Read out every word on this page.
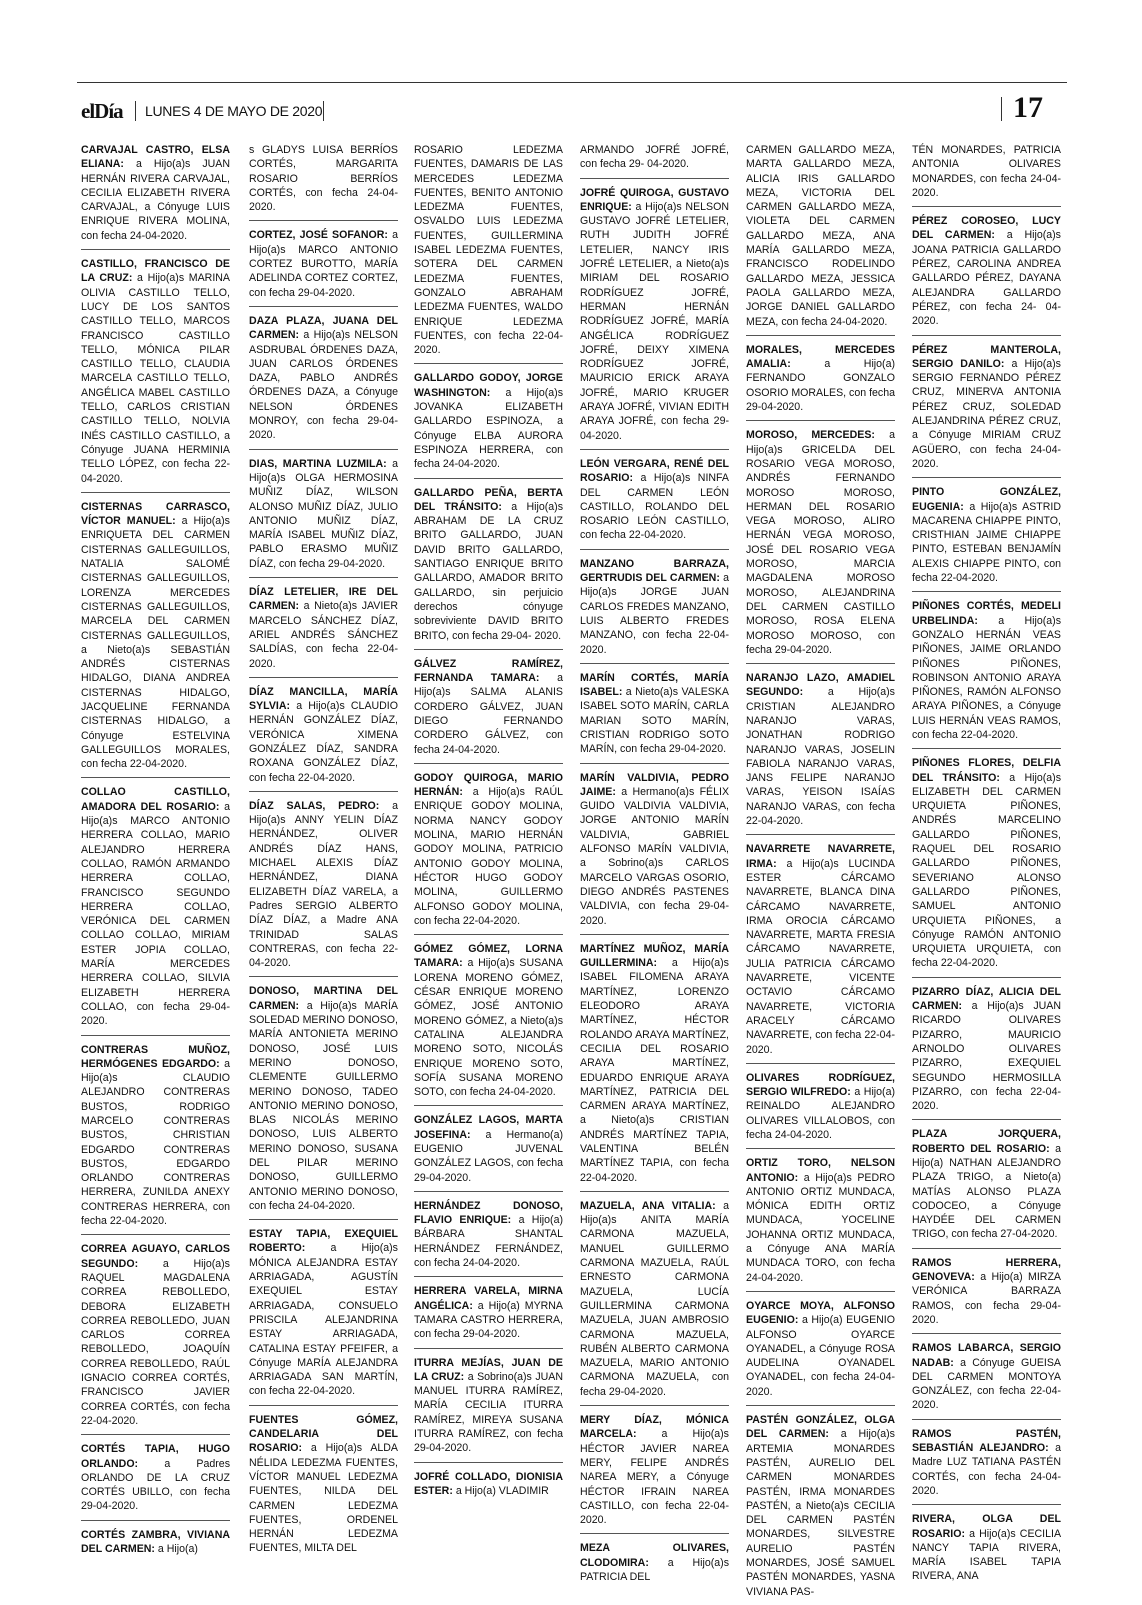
elDía LUNES 4 DE MAYO DE 2020	17
CARVAJAL CASTRO, ELSA ELIANA: a Hijo(a)s JUAN HERNÁN RIVERA CARVAJAL, CECILIA ELIZABETH RIVERA CARVAJAL, a Cónyuge LUIS ENRIQUE RIVERA MOLINA, con fecha 24-04-2020.
CASTILLO, FRANCISCO DE LA CRUZ: a Hijo(a)s MARINA OLIVIA CASTILLO TELLO, LUCY DE LOS SANTOS CASTILLO TELLO, MARCOS FRANCISCO CASTILLO TELLO, MÓNICA PILAR CASTILLO TELLO, CLAUDIA MARCELA CASTILLO TELLO, ANGÉLICA MABEL CASTILLO TELLO, CARLOS CRISTIAN CASTILLO TELLO, NOLVIA INÉS CASTILLO CASTILLO, a Cónyuge JUANA HERMINIA TELLO LÓPEZ, con fecha 22-04-2020.
CISTERNAS CARRASCO, VÍCTOR MANUEL: a Hijo(a)s ENRIQUETA DEL CARMEN CISTERNAS GALLEGUILLOS, NATALIA SALOMÉ CISTERNAS GALLEGUILLOS, LORENZA MERCEDES CISTERNAS GALLEGUILLOS, MARCELA DEL CARMEN CISTERNAS GALLEGUILLOS, a Nieto(a)s SEBASTIÁN ANDRÉS CISTERNAS HIDALGO, DIANA ANDREA CISTERNAS HIDALGO, JACQUELINE FERNANDA CISTERNAS HIDALGO, a Cónyuge ESTELVINA GALLEGUILLOS MORALES, con fecha 22-04-2020.
COLLAO CASTILLO, AMADORA DEL ROSARIO: a Hijo(a)s MARCO ANTONIO HERRERA COLLAO, MARIO ALEJANDRO HERRERA COLLAO, RAMÓN ARMANDO HERRERA COLLAO, FRANCISCO SEGUNDO HERRERA COLLAO, VERÓNICA DEL CARMEN COLLAO COLLAO, MIRIAM ESTER JOPIA COLLAO, MARÍA MERCEDES HERRERA COLLAO, SILVIA ELIZABETH HERRERA COLLAO, con fecha 29-04-2020.
CONTRERAS MUÑOZ, HERMÓGENES EDGARDO: a Hijo(a)s CLAUDIO ALEJANDRO CONTRERAS BUSTOS, RODRIGO MARCELO CONTRERAS BUSTOS, CHRISTIAN EDGARDO CONTRERAS BUSTOS, EDGARDO ORLANDO CONTRERAS HERRERA, ZUNILDA ANEXY CONTRERAS HERRERA, con fecha 22-04-2020.
CORREA AGUAYO, CARLOS SEGUNDO: a Hijo(a)s RAQUEL MAGDALENA CORREA REBOLLEDO, DEBORA ELIZABETH CORREA REBOLLEDO, JUAN CARLOS CORREA REBOLLEDO, JOAQUÍN CORREA REBOLLEDO, RAÚL IGNACIO CORREA CORTÉS, FRANCISCO JAVIER CORREA CORTÉS, con fecha 22-04-2020.
CORTÉS TAPIA, HUGO ORLANDO: a Padres ORLANDO DE LA CRUZ CORTÉS UBILLO, con fecha 29-04-2020.
CORTÉS ZAMBRA, VIVIANA DEL CARMEN: a Hijo(a)
s GLADYS LUISA BERRÍOS CORTÉS, MARGARITA ROSARIO BERRÍOS CORTÉS, con fecha 24-04-2020.
CORTEZ, JOSÉ SOFANOR: a Hijo(a)s MARCO ANTONIO CORTEZ BUROTTO, MARÍA ADELINDA CORTEZ CORTEZ, con fecha 29-04-2020.
DAZA PLAZA, JUANA DEL CARMEN: a Hijo(a)s NELSON ASDRUBAL ÓRDENES DAZA, JUAN CARLOS ÓRDENES DAZA, PABLO ANDRÉS ÓRDENES DAZA, a Cónyuge NELSON ÓRDENES MONROY, con fecha 29-04-2020.
DIAS, MARTINA LUZMILA: a Hijo(a)s OLGA HERMOSINA MUÑIZ DÍAZ, WILSON ALONSO MUÑIZ DÍAZ, JULIO ANTONIO MUÑIZ DÍAZ, MARÍA ISABEL MUÑIZ DÍAZ, PABLO ERASMO MUÑIZ DÍAZ, con fecha 29-04-2020.
DÍAZ LETELIER, IRE DEL CARMEN: a Nieto(a)s JAVIER MARCELO SÁNCHEZ DÍAZ, ARIEL ANDRÉS SÁNCHEZ SALDÍAS, con fecha 22-04-2020.
DÍAZ MANCILLA, MARÍA SYLVIA: a Hijo(a)s CLAUDIO HERNÁN GONZÁLEZ DÍAZ, VERÓNICA XIMENA GONZÁLEZ DÍAZ, SANDRA ROXANA GONZÁLEZ DÍAZ, con fecha 22-04-2020.
DÍAZ SALAS, PEDRO: a Hijo(a)s ANNY YELIN DÍAZ HERNÁNDEZ, OLIVER ANDRÉS DÍAZ HANS, MICHAEL ALEXIS DÍAZ HERNÁNDEZ, DIANA ELIZABETH DÍAZ VARELA, a Padres SERGIO ALBERTO DÍAZ DÍAZ, a Madre ANA TRINIDAD SALAS CONTRERAS, con fecha 22-04-2020.
DONOSO, MARTINA DEL CARMEN: a Hijo(a)s MARÍA SOLEDAD MERINO DONOSO, MARÍA ANTONIETA MERINO DONOSO, JOSÉ LUIS MERINO DONOSO, CLEMENTE GUILLERMO MERINO DONOSO, TADEO ANTONIO MERINO DONOSO, BLAS NICOLÁS MERINO DONOSO, LUIS ALBERTO MERINO DONOSO, SUSANA DEL PILAR MERINO DONOSO, GUILLERMO ANTONIO MERINO DONOSO, con fecha 24-04-2020.
ESTAY TAPIA, EXEQUIEL ROBERTO: a Hijo(a)s MÓNICA ALEJANDRA ESTAY ARRIAGADA, AGUSTÍN EXEQUIEL ESTAY ARRIAGADA, CONSUELO PRISCILA ALEJANDRINA ESTAY ARRIAGADA, CATALINA ESTAY PFEIFER, a Cónyuge MARÍA ALEJANDRA ARRIAGADA SAN MARTÍN, con fecha 22-04-2020.
FUENTES GÓMEZ, CANDELARIA DEL ROSARIO: a Hijo(a)s ALDA NÉLIDA LEDEZMA FUENTES, VÍCTOR MANUEL LEDEZMA FUENTES, NILDA DEL CARMEN LEDEZMA FUENTES, ORDENEL HERNÁN LEDEZMA FUENTES, MILTA DEL
ROSARIO LEDEZMA FUENTES, DAMARIS DE LAS MERCEDES LEDEZMA FUENTES, BENITO ANTONIO LEDEZMA FUENTES, OSVALDO LUIS LEDEZMA FUENTES, GUILLERMINA ISABEL LEDEZMA FUENTES, SOTERA DEL CARMEN LEDEZMA FUENTES, GONZALO ABRAHAM LEDEZMA FUENTES, WALDO ENRIQUE LEDEZMA FUENTES, con fecha 22-04-2020.
GALLARDO GODOY, JORGE WASHINGTON: a Hijo(a)s JOVANKA ELIZABETH GALLARDO ESPINOZA, a Cónyuge ELBA AURORA ESPINOZA HERRERA, con fecha 24-04-2020.
GALLARDO PEÑA, BERTA DEL TRÁNSITO: a Hijo(a)s ABRAHAM DE LA CRUZ BRITO GALLARDO, JUAN DAVID BRITO GALLARDO, SANTIAGO ENRIQUE BRITO GALLARDO, AMADOR BRITO GALLARDO, sin perjuicio derechos cónyuge sobreviviente DAVID BRITO BRITO, con fecha 29-04- 2020.
GÁLVEZ RAMÍREZ, FERNANDA TAMARA: a Hijo(a)s SALMA ALANIS CORDERO GÁLVEZ, JUAN DIEGO FERNANDO CORDERO GÁLVEZ, con fecha 24-04-2020.
GODOY QUIROGA, MARIO HERNÁN: a Hijo(a)s RAÚL ENRIQUE GODOY MOLINA, NORMA NANCY GODOY MOLINA, MARIO HERNÁN GODOY MOLINA, PATRICIO ANTONIO GODOY MOLINA, HÉCTOR HUGO GODOY MOLINA, GUILLERMO ALFONSO GODOY MOLINA, con fecha 22-04-2020.
GÓMEZ GÓMEZ, LORNA TAMARA: a Hijo(a)s SUSANA LORENA MORENO GÓMEZ, CÉSAR ENRIQUE MORENO GÓMEZ, JOSÉ ANTONIO MORENO GÓMEZ, a Nieto(a)s CATALINA ALEJANDRA MORENO SOTO, NICOLÁS ENRIQUE MORENO SOTO, SOFÍA SUSANA MORENO SOTO, con fecha 24-04-2020.
GONZÁLEZ LAGOS, MARTA JOSEFINA: a Hermano(a) EUGENIO JUVENAL GONZÁLEZ LAGOS, con fecha 29-04-2020.
HERNÁNDEZ DONOSO, FLAVIO ENRIQUE: a Hijo(a) BÁRBARA SHANTAL HERNÁNDEZ FERNÁNDEZ, con fecha 24-04-2020.
HERRERA VARELA, MIRNA ANGÉLICA: a Hijo(a) MYRNA TAMARA CASTRO HERRERA, con fecha 29-04-2020.
ITURRA MEJÍAS, JUAN DE LA CRUZ: a Sobrino(a)s JUAN MANUEL ITURRA RAMÍREZ, MARÍA CECILIA ITURRA RAMÍREZ, MIREYA SUSANA ITURRA RAMÍREZ, con fecha 29-04-2020.
JOFRÉ COLLADO, DIONISIA ESTER: a Hijo(a) VLADIMIR
ARMANDO JOFRÉ JOFRÉ, con fecha 29- 04-2020.
JOFRÉ QUIROGA, GUSTAVO ENRIQUE: a Hijo(a)s NELSON GUSTAVO JOFRÉ LETELIER, RUTH JUDITH JOFRÉ LETELIER, NANCY IRIS JOFRÉ LETELIER, a Nieto(a)s MIRIAM DEL ROSARIO RODRÍGUEZ JOFRÉ, HERMAN HERNÁN RODRÍGUEZ JOFRÉ, MARÍA ANGÉLICA RODRÍGUEZ JOFRÉ, DEIXY XIMENA RODRÍGUEZ JOFRÉ, MAURICIO ERICK ARAYA JOFRÉ, MARIO KRUGER ARAYA JOFRÉ, VIVIAN EDITH ARAYA JOFRÉ, con fecha 29-04-2020.
LEÓN VERGARA, RENÉ DEL ROSARIO: a Hijo(a)s NINFA DEL CARMEN LEÓN CASTILLO, ROLANDO DEL ROSARIO LEÓN CASTILLO, con fecha 22-04-2020.
MANZANO BARRAZA, GERTRUDIS DEL CARMEN: a Hijo(a)s JORGE JUAN CARLOS FREDES MANZANO, LUIS ALBERTO FREDES MANZANO, con fecha 22-04-2020.
MARÍN CORTÉS, MARÍA ISABEL: a Nieto(a)s VALESKA ISABEL SOTO MARÍN, CARLA MARIAN SOTO MARÍN, CRISTIAN RODRIGO SOTO MARÍN, con fecha 29-04-2020.
MARÍN VALDIVIA, PEDRO JAIME: a Hermano(a)s FÉLIX GUIDO VALDIVIA VALDIVIA, JORGE ANTONIO MARÍN VALDIVIA, GABRIEL ALFONSO MARÍN VALDIVIA, a Sobrino(a)s CARLOS MARCELO VARGAS OSORIO, DIEGO ANDRÉS PASTENES VALDIVIA, con fecha 29-04-2020.
MARTÍNEZ MUÑOZ, MARÍA GUILLERMINA: a Hijo(a)s ISABEL FILOMENA ARAYA MARTÍNEZ, LORENZO ELEODORO ARAYA MARTÍNEZ, HÉCTOR ROLANDO ARAYA MARTÍNEZ, CECILIA DEL ROSARIO ARAYA MARTÍNEZ, EDUARDO ENRIQUE ARAYA MARTÍNEZ, PATRICIA DEL CARMEN ARAYA MARTÍNEZ, a Nieto(a)s CRISTIAN ANDRÉS MARTÍNEZ TAPIA, VALENTINA BELÉN MARTÍNEZ TAPIA, con fecha 22-04-2020.
MAZUELA, ANA VITALIA: a Hijo(a)s ANITA MARÍA CARMONA MAZUELA, MANUEL GUILLERMO CARMONA MAZUELA, RAÚL ERNESTO CARMONA MAZUELA, LUCÍA GUILLERMINA CARMONA MAZUELA, JUAN AMBROSIO CARMONA MAZUELA, RUBÉN ALBERTO CARMONA MAZUELA, MARIO ANTONIO CARMONA MAZUELA, con fecha 29-04-2020.
MERY DÍAZ, MÓNICA MARCELA: a Hijo(a)s HÉCTOR JAVIER NAREA MERY, FELIPE ANDRÉS NAREA MERY, a Cónyuge HÉCTOR IFRAIN NAREA CASTILLO, con fecha 22-04-2020.
MEZA OLIVARES, CLODOMIRA: a Hijo(a)s PATRICIA DEL
CARMEN GALLARDO MEZA, MARTA GALLARDO MEZA, ALICIA IRIS GALLARDO MEZA, VICTORIA DEL CARMEN GALLARDO MEZA, VIOLETA DEL CARMEN GALLARDO MEZA, ANA MARÍA GALLARDO MEZA, FRANCISCO RODELINDO GALLARDO MEZA, JESSICA PAOLA GALLARDO MEZA, JORGE DANIEL GALLARDO MEZA, con fecha 24-04-2020.
MORALES, MERCEDES AMALIA:	a Hijo(a) FERNANDO GONZALO OSORIO MORALES, con fecha 29-04-2020.
MOROSO, MERCEDES: a Hijo(a)s GRICELDA DEL ROSARIO VEGA MOROSO, ANDRÉS FERNANDO MOROSO MOROSO, HERMAN DEL ROSARIO VEGA MOROSO, ALIRO HERNÁN VEGA MOROSO, JOSÉ DEL ROSARIO VEGA MOROSO, MARCIA MAGDALENA MOROSO MOROSO, ALEJANDRINA DEL CARMEN CASTILLO MOROSO, ROSA ELENA MOROSO MOROSO, con fecha 29-04-2020.
NARANJO LAZO, AMADIEL SEGUNDO: a Hijo(a)s CRISTIAN ALEJANDRO NARANJO VARAS, JONATHAN RODRIGO NARANJO VARAS, JOSELIN FABIOLA NARANJO VARAS, JANS FELIPE NARANJO VARAS, YEISON ISAÍAS NARANJO VARAS, con fecha 22-04-2020.
NAVARRETE NAVARRETE, IRMA: a Hijo(a)s LUCINDA ESTER CÁRCAMO NAVARRETE, BLANCA DINA CÁRCAMO NAVARRETE, IRMA OROCIA CÁRCAMO NAVARRETE, MARTA FRESIA CÁRCAMO NAVARRETE, JULIA PATRICIA CÁRCAMO NAVARRETE, VICENTE OCTAVIO CÁRCAMO NAVARRETE, VICTORIA ARACELY CÁRCAMO NAVARRETE, con fecha 22-04-2020.
OLIVARES RODRÍGUEZ, SERGIO WILFREDO: a Hijo(a) REINALDO ALEJANDRO OLIVARES VILLALOBOS, con fecha 24-04-2020.
ORTIZ TORO, NELSON ANTONIO: a Hijo(a)s PEDRO ANTONIO ORTIZ MUNDACA, MÓNICA EDITH ORTIZ MUNDACA, YOCELINE JOHANNA ORTIZ MUNDACA, a Cónyuge ANA MARÍA MUNDACA TORO, con fecha 24-04-2020.
OYARCE MOYA, ALFONSO EUGENIO: a Hijo(a) EUGENIO ALFONSO OYARCE OYANADEL, a Cónyuge ROSA AUDELINA OYANADEL OYANADEL, con fecha 24-04-2020.
PASTÉN GONZÁLEZ, OLGA DEL CARMEN: a Hijo(a)s ARTEMIA MONARDES PASTÉN, AURELIO DEL CARMEN MONARDES PASTÉN, IRMA MONARDES PASTÉN, a Nieto(a)s CECILIA DEL CARMEN PASTÉN MONARDES, SILVESTRE AURELIO PASTÉN MONARDES, JOSÉ SAMUEL PASTÉN MONARDES, YASNA VIVIANA PAS-
TÉN MONARDES, PATRICIA ANTONIA OLIVARES MONARDES, con fecha 24-04-2020.
PÉREZ COROSEO, LUCY DEL CARMEN: a Hijo(a)s JOANA PATRICIA GALLARDO PÉREZ, CAROLINA ANDREA GALLARDO PÉREZ, DAYANA ALEJANDRA GALLARDO PÉREZ, con fecha 24- 04-2020.
PÉREZ MANTEROLA, SERGIO DANILO: a Hijo(a)s SERGIO FERNANDO PÉREZ CRUZ, MINERVA ANTONIA PÉREZ CRUZ, SOLEDAD ALEJANDRINA PÉREZ CRUZ, a Cónyuge MIRIAM CRUZ AGÜERO, con fecha 24-04-2020.
PINTO GONZÁLEZ, EUGENIA: a Hijo(a)s ASTRID MACARENA CHIAPPE PINTO, CRISTHIAN JAIME CHIAPPE PINTO, ESTEBAN BENJAMÍN ALEXIS CHIAPPE PINTO, con fecha 22-04-2020.
PIÑONES CORTÉS, MEDELI URBELINDA: a Hijo(a)s GONZALO HERNÁN VEAS PIÑONES, JAIME ORLANDO PIÑONES PIÑONES, ROBINSON ANTONIO ARAYA PIÑONES, RAMÓN ALFONSO ARAYA PIÑONES, a Cónyuge LUIS HERNÁN VEAS RAMOS, con fecha 22-04-2020.
PIÑONES FLORES, DELFIA DEL TRÁNSITO: a Hijo(a)s ELIZABETH DEL CARMEN URQUIETA PIÑONES, ANDRÉS MARCELINO GALLARDO PIÑONES, RAQUEL DEL ROSARIO GALLARDO PIÑONES, SEVERIANO ALONSO GALLARDO PIÑONES, SAMUEL ANTONIO URQUIETA PIÑONES, a Cónyuge RAMÓN ANTONIO URQUIETA URQUIETA, con fecha 22-04-2020.
PIZARRO DÍAZ, ALICIA DEL CARMEN: a Hijo(a)s JUAN RICARDO OLIVARES PIZARRO, MAURICIO ARNOLDO OLIVARES PIZARRO, EXEQUIEL SEGUNDO HERMOSILLA PIZARRO, con fecha 22-04- 2020.
PLAZA JORQUERA, ROBERTO DEL ROSARIO: a Hijo(a) NATHAN ALEJANDRO PLAZA TRIGO, a Nieto(a) MATÍAS ALONSO PLAZA CODOCEO, a Cónyuge HAYDÉE DEL CARMEN TRIGO, con fecha 27-04-2020.
RAMOS HERRERA, GENOVEVA: a Hijo(a) MIRZA VERÓNICA BARRAZA RAMOS, con fecha 29-04- 2020.
RAMOS LABARCA, SERGIO NADAB: a Cónyuge GUEISA DEL CARMEN MONTOYA GONZÁLEZ, con fecha 22-04-2020.
RAMOS PASTÉN, SEBASTIÁN ALEJANDRO: a Madre LUZ TATIANA PASTÉN CORTÉS, con fecha 24-04-2020.
RIVERA, OLGA DEL ROSARIO: a Hijo(a)s CECILIA NANCY TAPIA RIVERA, MARÍA ISABEL TAPIA RIVERA, ANA
